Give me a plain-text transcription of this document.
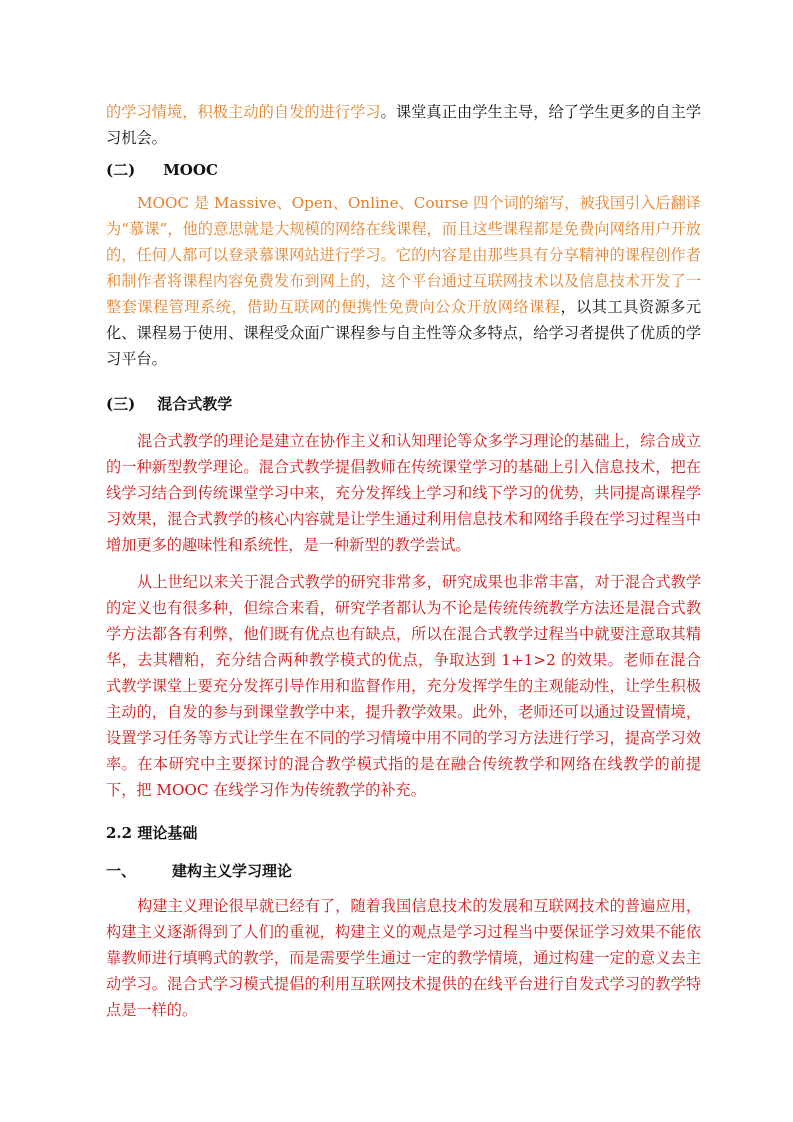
的学习情境，积极主动的自发的进行学习。课堂真正由学生主导，给了学生更多的自主学习机会。

(二) MOOC

MOOC 是 Massive、Open、Online、Course 四个词的缩写，被我国引入后翻译为“慕课”，他的意思就是大规模的网络在线课程，而且这些课程都是免费向网络用户开放的，任何人都可以登录慕课网站进行学习。它的内容是由那些具有分享精神的课程创作者和制作者将课程内容免费发布到网上的，这个平台通过互联网技术以及信息技术开发了一整套课程管理系统，借助互联网的便携性免费向公众开放网络课程，以其工具资源多元化、课程易于使用、课程受众面广课程参与自主性等众多特点，给学习者提供了优质的学习平台。

(三) 混合式教学

混合式教学的理论是建立在协作主义和认知理论等众多学习理论的基础上，综合成立的一种新型教学理论。混合式教学提倡教师在传统课堂学习的基础上引入信息技术，把在线学习结合到传统课堂学习中来，充分发挥线上学习和线下学习的优势，共同提高课程学习效果，混合式教学的核心内容就是让学生通过利用信息技术和网络手段在学习过程当中增加更多的趣味性和系统性，是一种新型的教学尝试。

从上世纪以来关于混合式教学的研究非常多，研究成果也非常丰富，对于混合式教学的定义也有很多种，但综合来看，研究学者都认为不论是传统传统教学方法还是混合式教学方法都各有利弊，他们既有优点也有缺点，所以在混合式教学过程当中就要注意取其精华，去其糟粕，充分结合两种教学模式的优点，争取达到 1+1>2 的效果。老师在混合式教学课堂上要充分发挥引导作用和监督作用，充分发挥学生的主观能动性，让学生积极主动的，自发的参与到课堂教学中来，提升教学效果。此外，老师还可以通过设置情境，设置学习任务等方式让学生在不同的学习情境中用不同的学习方法进行学习，提高学习效率。在本研究中主要探讨的混合教学模式指的是在融合传统教学和网络在线教学的前提下，把 MOOC 在线学习作为传统教学的补充。

2.2 理论基础
一、 建构主义学习理论

构建主义理论很早就已经有了，随着我国信息技术的发展和互联网技术的普遍应用，构建主义逐渐得到了人们的重视，构建主义的观点是学习过程当中要保证学习效果不能依靠教师进行填鸭式的教学，而是需要学生通过一定的教学情境，通过构建一定的意义去主动学习。混合式学习模式提倡的利用互联网技术提供的在线平台进行自发式学习的教学特点是一样的。
